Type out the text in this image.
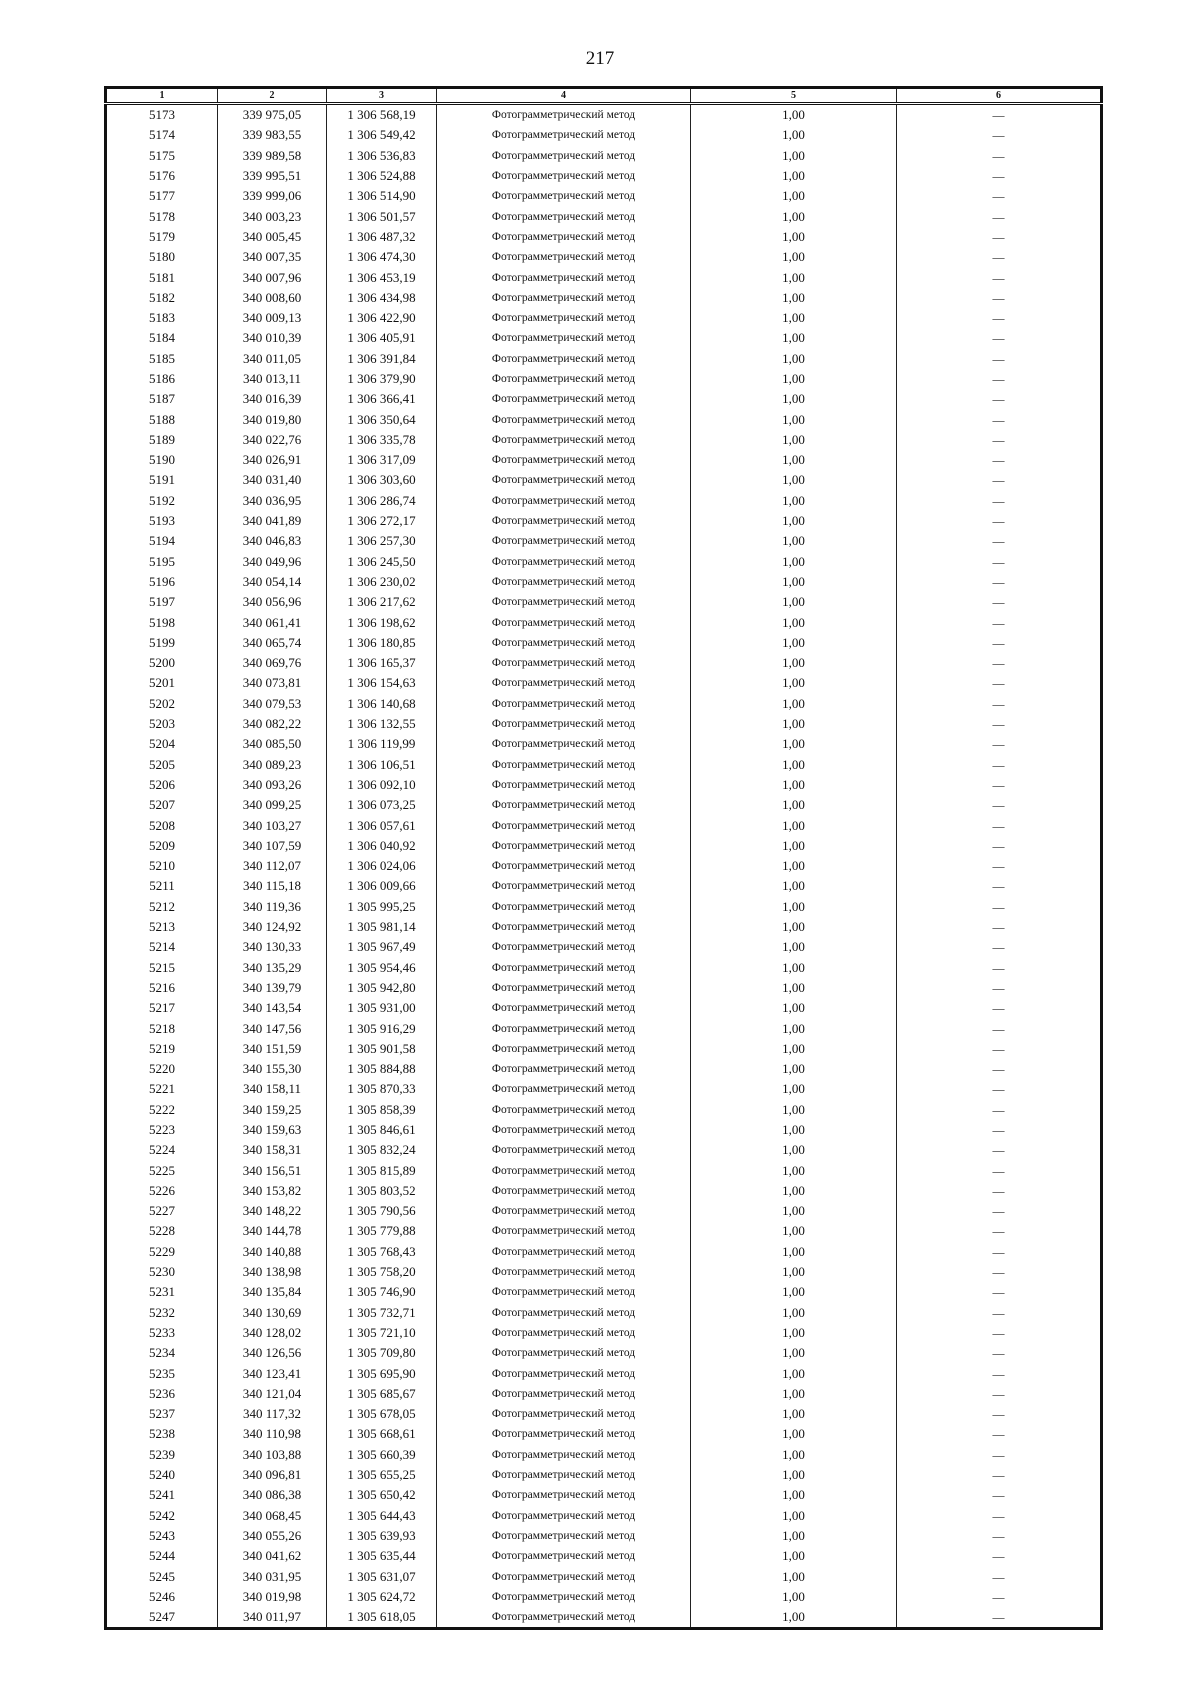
217
1	2	3	4	5	6
5173	339 975,05	1 306 568,19	Фотограмметрический метод	1,00	—
5174	339 983,55	1 306 549,42	Фотограмметрический метод	1,00	—
5175	339 989,58	1 306 536,83	Фотограмметрический метод	1,00	—
5176	339 995,51	1 306 524,88	Фотограмметрический метод	1,00	—
5177	339 999,06	1 306 514,90	Фотограмметрический метод	1,00	—
5178	340 003,23	1 306 501,57	Фотограмметрический метод	1,00	—
5179	340 005,45	1 306 487,32	Фотограмметрический метод	1,00	—
5180	340 007,35	1 306 474,30	Фотограмметрический метод	1,00	—
5181	340 007,96	1 306 453,19	Фотограмметрический метод	1,00	—
5182	340 008,60	1 306 434,98	Фотограмметрический метод	1,00	—
5183	340 009,13	1 306 422,90	Фотограмметрический метод	1,00	—
5184	340 010,39	1 306 405,91	Фотограмметрический метод	1,00	—
5185	340 011,05	1 306 391,84	Фотограмметрический метод	1,00	—
5186	340 013,11	1 306 379,90	Фотограмметрический метод	1,00	—
5187	340 016,39	1 306 366,41	Фотограмметрический метод	1,00	—
5188	340 019,80	1 306 350,64	Фотограмметрический метод	1,00	—
5189	340 022,76	1 306 335,78	Фотограмметрический метод	1,00	—
5190	340 026,91	1 306 317,09	Фотограмметрический метод	1,00	—
5191	340 031,40	1 306 303,60	Фотограмметрический метод	1,00	—
5192	340 036,95	1 306 286,74	Фотограмметрический метод	1,00	—
5193	340 041,89	1 306 272,17	Фотограмметрический метод	1,00	—
5194	340 046,83	1 306 257,30	Фотограмметрический метод	1,00	—
5195	340 049,96	1 306 245,50	Фотограмметрический метод	1,00	—
5196	340 054,14	1 306 230,02	Фотограмметрический метод	1,00	—
5197	340 056,96	1 306 217,62	Фотограмметрический метод	1,00	—
5198	340 061,41	1 306 198,62	Фотограмметрический метод	1,00	—
5199	340 065,74	1 306 180,85	Фотограмметрический метод	1,00	—
5200	340 069,76	1 306 165,37	Фотограмметрический метод	1,00	—
5201	340 073,81	1 306 154,63	Фотограмметрический метод	1,00	—
5202	340 079,53	1 306 140,68	Фотограмметрический метод	1,00	—
5203	340 082,22	1 306 132,55	Фотограмметрический метод	1,00	—
5204	340 085,50	1 306 119,99	Фотограмметрический метод	1,00	—
5205	340 089,23	1 306 106,51	Фотограмметрический метод	1,00	—
5206	340 093,26	1 306 092,10	Фотограмметрический метод	1,00	—
5207	340 099,25	1 306 073,25	Фотограмметрический метод	1,00	—
5208	340 103,27	1 306 057,61	Фотограмметрический метод	1,00	—
5209	340 107,59	1 306 040,92	Фотограмметрический метод	1,00	—
5210	340 112,07	1 306 024,06	Фотограмметрический метод	1,00	—
5211	340 115,18	1 306 009,66	Фотограмметрический метод	1,00	—
5212	340 119,36	1 305 995,25	Фотограмметрический метод	1,00	—
5213	340 124,92	1 305 981,14	Фотограмметрический метод	1,00	—
5214	340 130,33	1 305 967,49	Фотограмметрический метод	1,00	—
5215	340 135,29	1 305 954,46	Фотограмметрический метод	1,00	—
5216	340 139,79	1 305 942,80	Фотограмметрический метод	1,00	—
5217	340 143,54	1 305 931,00	Фотограмметрический метод	1,00	—
5218	340 147,56	1 305 916,29	Фотограмметрический метод	1,00	—
5219	340 151,59	1 305 901,58	Фотограмметрический метод	1,00	—
5220	340 155,30	1 305 884,88	Фотограмметрический метод	1,00	—
5221	340 158,11	1 305 870,33	Фотограмметрический метод	1,00	—
5222	340 159,25	1 305 858,39	Фотограмметрический метод	1,00	—
5223	340 159,63	1 305 846,61	Фотограмметрический метод	1,00	—
5224	340 158,31	1 305 832,24	Фотограмметрический метод	1,00	—
5225	340 156,51	1 305 815,89	Фотограмметрический метод	1,00	—
5226	340 153,82	1 305 803,52	Фотограмметрический метод	1,00	—
5227	340 148,22	1 305 790,56	Фотограмметрический метод	1,00	—
5228	340 144,78	1 305 779,88	Фотограмметрический метод	1,00	—
5229	340 140,88	1 305 768,43	Фотограмметрический метод	1,00	—
5230	340 138,98	1 305 758,20	Фотограмметрический метод	1,00	—
5231	340 135,84	1 305 746,90	Фотограмметрический метод	1,00	—
5232	340 130,69	1 305 732,71	Фотограмметрический метод	1,00	—
5233	340 128,02	1 305 721,10	Фотограмметрический метод	1,00	—
5234	340 126,56	1 305 709,80	Фотограмметрический метод	1,00	—
5235	340 123,41	1 305 695,90	Фотограмметрический метод	1,00	—
5236	340 121,04	1 305 685,67	Фотограмметрический метод	1,00	—
5237	340 117,32	1 305 678,05	Фотограмметрический метод	1,00	—
5238	340 110,98	1 305 668,61	Фотограмметрический метод	1,00	—
5239	340 103,88	1 305 660,39	Фотограмметрический метод	1,00	—
5240	340 096,81	1 305 655,25	Фотограмметрический метод	1,00	—
5241	340 086,38	1 305 650,42	Фотограмметрический метод	1,00	—
5242	340 068,45	1 305 644,43	Фотограмметрический метод	1,00	—
5243	340 055,26	1 305 639,93	Фотограмметрический метод	1,00	—
5244	340 041,62	1 305 635,44	Фотограмметрический метод	1,00	—
5245	340 031,95	1 305 631,07	Фотограмметрический метод	1,00	—
5246	340 019,98	1 305 624,72	Фотограмметрический метод	1,00	—
5247	340 011,97	1 305 618,05	Фотограмметрический метод	1,00	—
